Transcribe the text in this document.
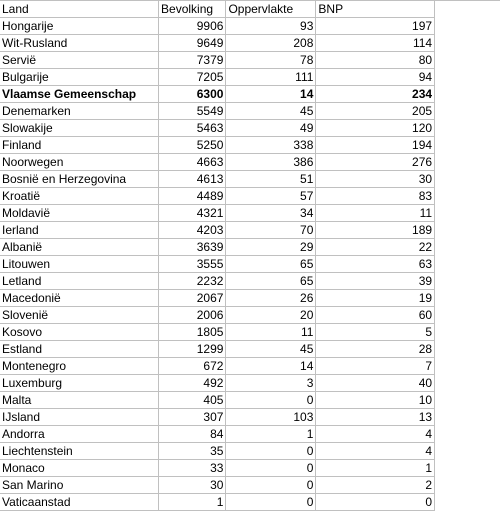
Land	Bevolking	Oppervlakte	BNP	
Hongarije	9906	93	197	
Wit-Rusland	9649	208	114	
Servië	7379	78	80	
Bulgarije	7205	111	94	
Vlaamse Gemeenschap	6300	14	234	
Denemarken	5549	45	205	
Slowakije	5463	49	120	
Finland	5250	338	194	
Noorwegen	4663	386	276	
Bosnië en Herzegovina	4613	51	30	
Kroatië	4489	57	83	
Moldavië	4321	34	11	
Ierland	4203	70	189	
Albanië	3639	29	22	
Litouwen	3555	65	63	
Letland	2232	65	39	
Macedonië	2067	26	19	
Slovenië	2006	20	60	
Kosovo	1805	11	5	
Estland	1299	45	28	
Montenegro	672	14	7	
Luxemburg	492	3	40	
Malta	405	0	10	
IJsland	307	103	13	
Andorra	84	1	4	
Liechtenstein	35	0	4	
Monaco	33	0	1	
San Marino	30	0	2	
Vaticaanstad	1	0	0	
